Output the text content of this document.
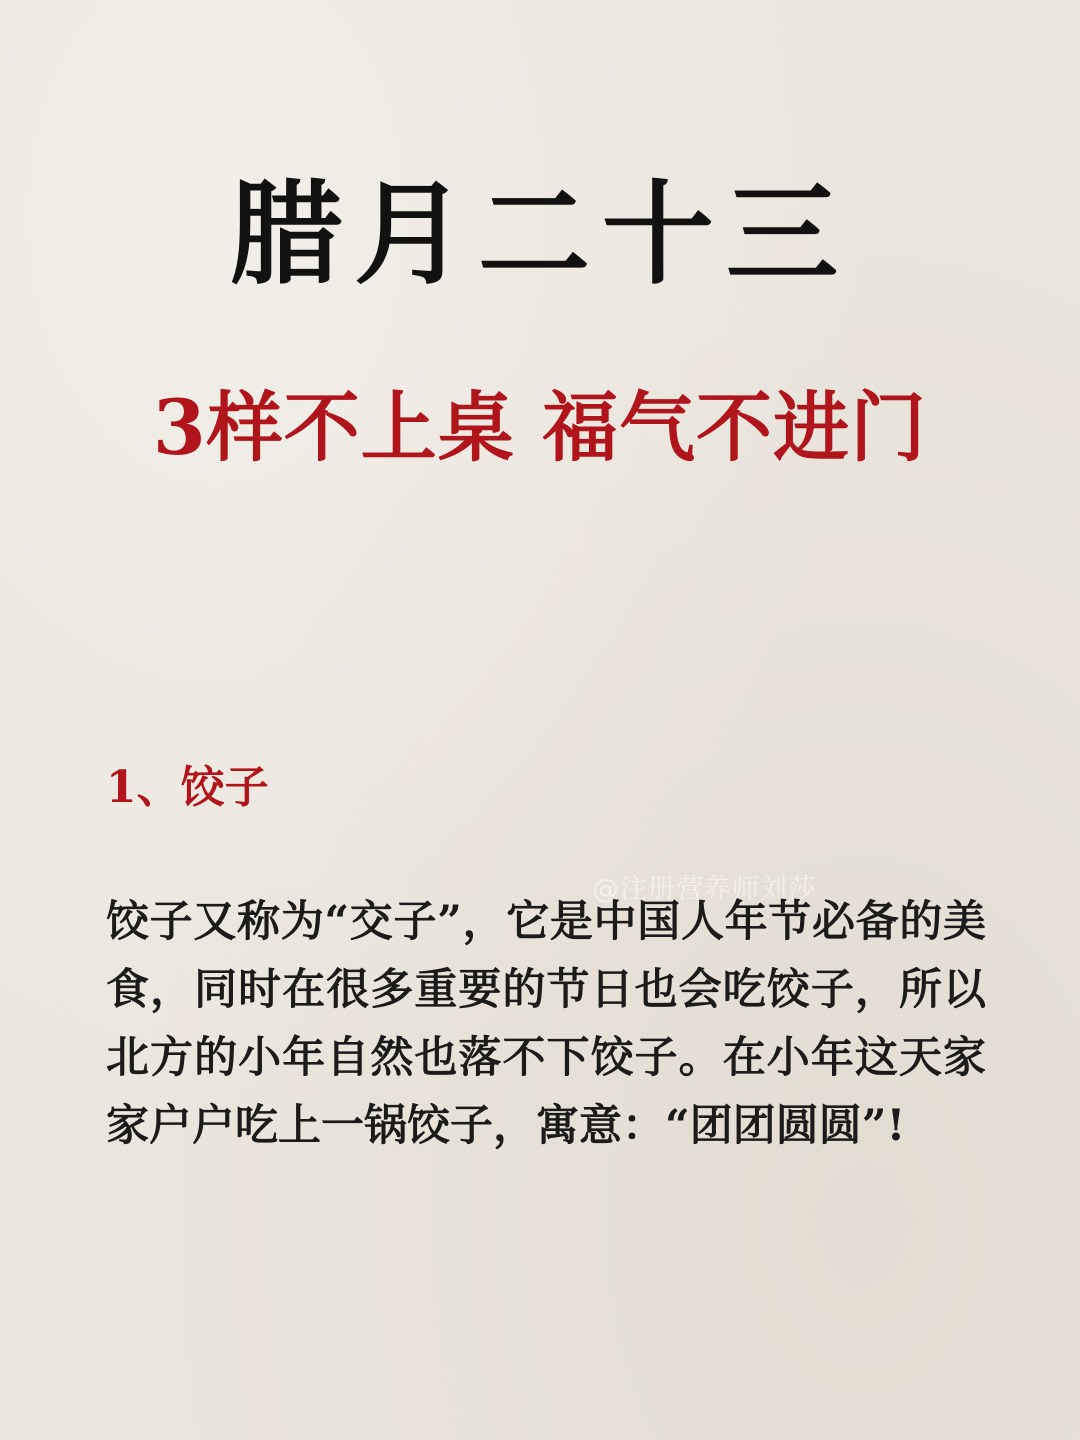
腊月二十三
3样不上桌 福气不进门
1、饺子
@注册营养师刘莎
饺子又称为“交子”，它是中国人年节必备的美食，同时在很多重要的节日也会吃饺子，所以北方的小年自然也落不下饺子。在小年这天家家户户吃上一锅饺子，寓意：“团团圆圆”!
